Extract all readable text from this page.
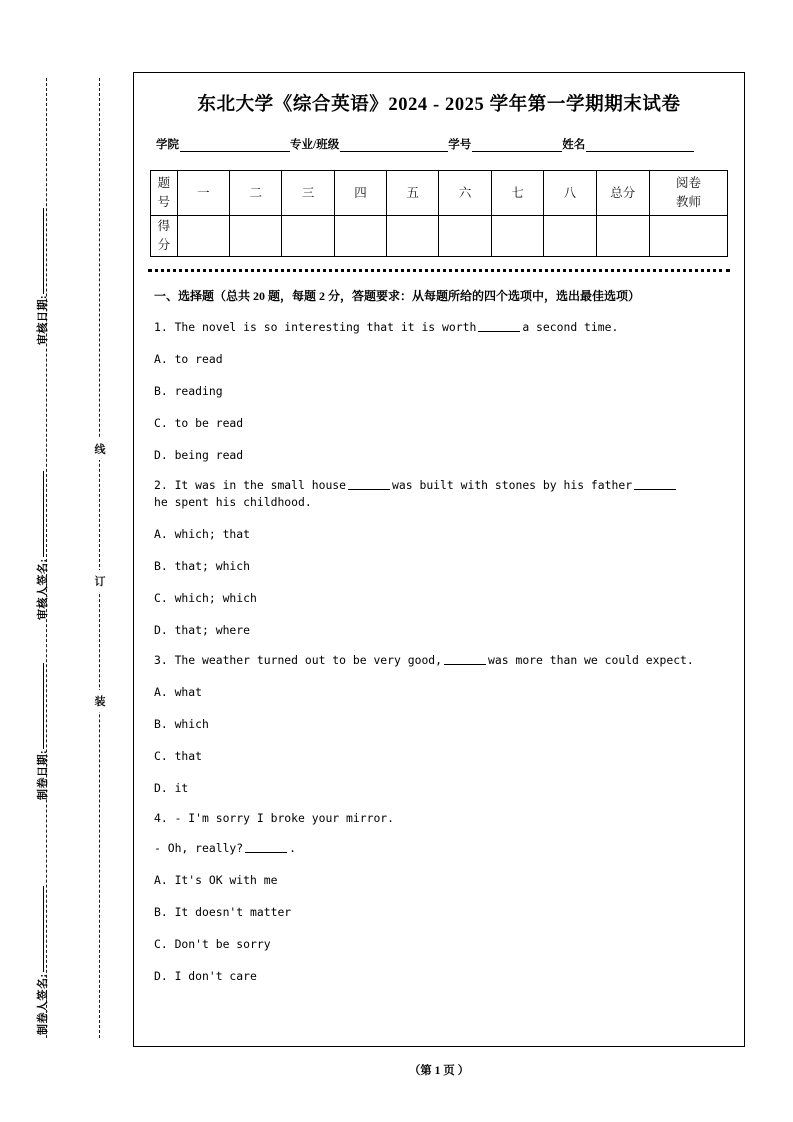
审核日期:
审核人签名:
制卷日期:
制卷人签名:
线
订
装
东北大学《综合英语》2024 - 2025 学年第一学期期末试卷
学院	专业/班级	学号	姓名
题
号	一	二	三	四	五	六	七	八	总分	阅卷
教师

得
分										

一、选择题（总共 20 题，每题 2 分，答题要求：从每题所给的四个选项中，选出最佳选项）
1. The novel is so interesting that it is worth	a second time.
A. to read
B. reading
C. to be read
D. being read
2. It was in the small house	was built with stones by his father
he spent his childhood.
A. which; that
B. that; which
C. which; which
D. that; where
3. The weather turned out to be very good,	was more than we could expect.
A. what
B. which
C. that
D. it
4. - I'm sorry I broke your mirror.
- Oh, really?	.
A. It's OK with me
B. It doesn't matter
C. Don't be sorry
D. I don't care
（第 1 页 ）
